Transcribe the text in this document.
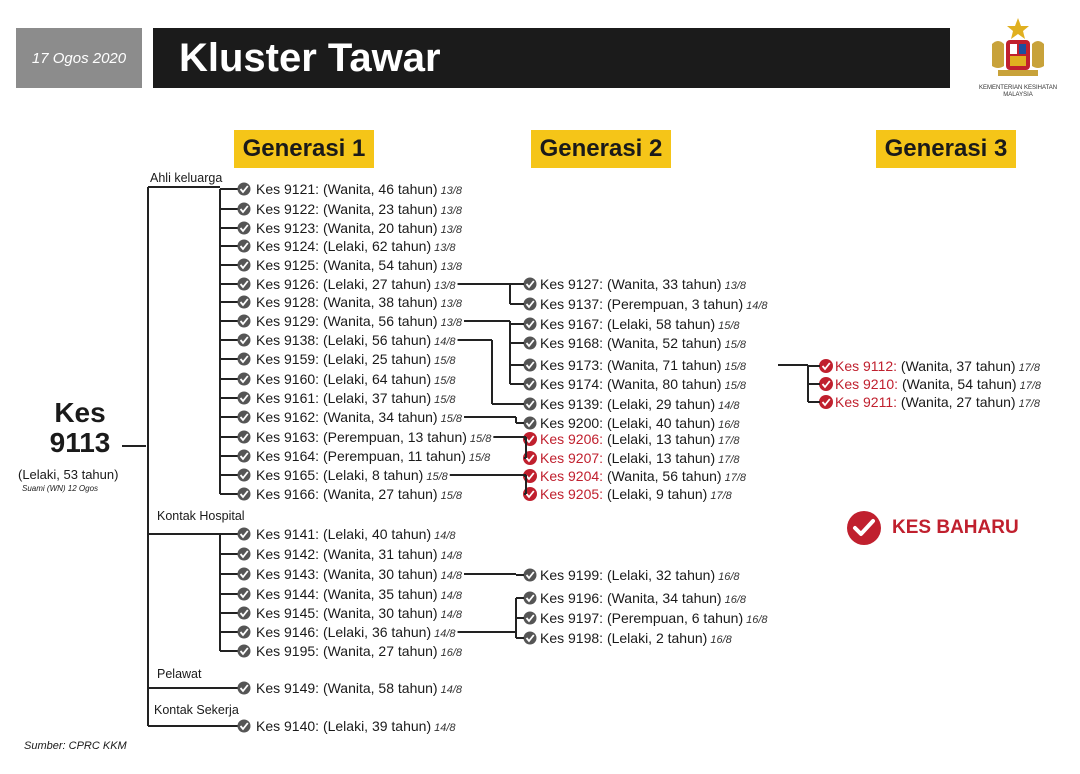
17 Ogos 2020	Kluster Tawar
KEMENTERIAN KESIHATAN MALAYSIA
Generasi 1	Generasi 2	Generasi 3
Ahli keluarga
Kontak Hospital
Pelawat
Kontak Sekerja
Kes 9113
(Lelaki, 53 tahun)
Suami (WN) 12 Ogos
Kes 9121: (Wanita, 46 tahun) 13/8
Kes 9122: (Wanita, 23 tahun) 13/8
Kes 9123: (Wanita, 20 tahun) 13/8
Kes 9124: (Lelaki, 62 tahun) 13/8
Kes 9125: (Wanita, 54 tahun) 13/8
Kes 9126: (Lelaki, 27 tahun) 13/8
Kes 9128: (Wanita, 38 tahun) 13/8
Kes 9129: (Wanita, 56 tahun) 13/8
Kes 9138: (Lelaki, 56 tahun) 14/8
Kes 9159: (Lelaki, 25 tahun) 15/8
Kes 9160: (Lelaki, 64 tahun) 15/8
Kes 9161: (Lelaki, 37 tahun) 15/8
Kes 9162: (Wanita, 34 tahun) 15/8
Kes 9163: (Perempuan, 13 tahun) 15/8
Kes 9164: (Perempuan, 11 tahun) 15/8
Kes 9165: (Lelaki, 8 tahun) 15/8
Kes 9166: (Wanita, 27 tahun) 15/8
Kes 9141: (Lelaki, 40 tahun) 14/8
Kes 9142: (Wanita, 31 tahun) 14/8
Kes 9143: (Wanita, 30 tahun) 14/8
Kes 9144: (Wanita, 35 tahun) 14/8
Kes 9145: (Wanita, 30 tahun) 14/8
Kes 9146: (Lelaki, 36 tahun) 14/8
Kes 9195: (Wanita, 27 tahun) 16/8
Kes 9149: (Wanita, 58 tahun) 14/8
Kes 9140: (Lelaki, 39 tahun) 14/8
Kes 9127: (Wanita, 33 tahun) 13/8
Kes 9137: (Perempuan, 3 tahun) 14/8
Kes 9167: (Lelaki, 58 tahun) 15/8
Kes 9168: (Wanita, 52 tahun) 15/8
Kes 9173: (Wanita, 71 tahun) 15/8
Kes 9174: (Wanita, 80 tahun) 15/8
Kes 9139: (Lelaki, 29 tahun) 14/8
Kes 9200: (Lelaki, 40 tahun) 16/8
Kes 9206: (Lelaki, 13 tahun) 17/8
Kes 9207: (Lelaki, 13 tahun) 17/8
Kes 9204: (Wanita, 56 tahun) 17/8
Kes 9205: (Lelaki, 9 tahun) 17/8
Kes 9199: (Lelaki, 32 tahun) 16/8
Kes 9196: (Wanita, 34 tahun) 16/8
Kes 9197: (Perempuan, 6 tahun) 16/8
Kes 9198: (Lelaki, 2 tahun) 16/8
Kes 9112: (Wanita, 37 tahun) 17/8
Kes 9210: (Wanita, 54 tahun) 17/8
Kes 9211: (Wanita, 27 tahun) 17/8
KES BAHARU
Sumber: CPRC KKM
